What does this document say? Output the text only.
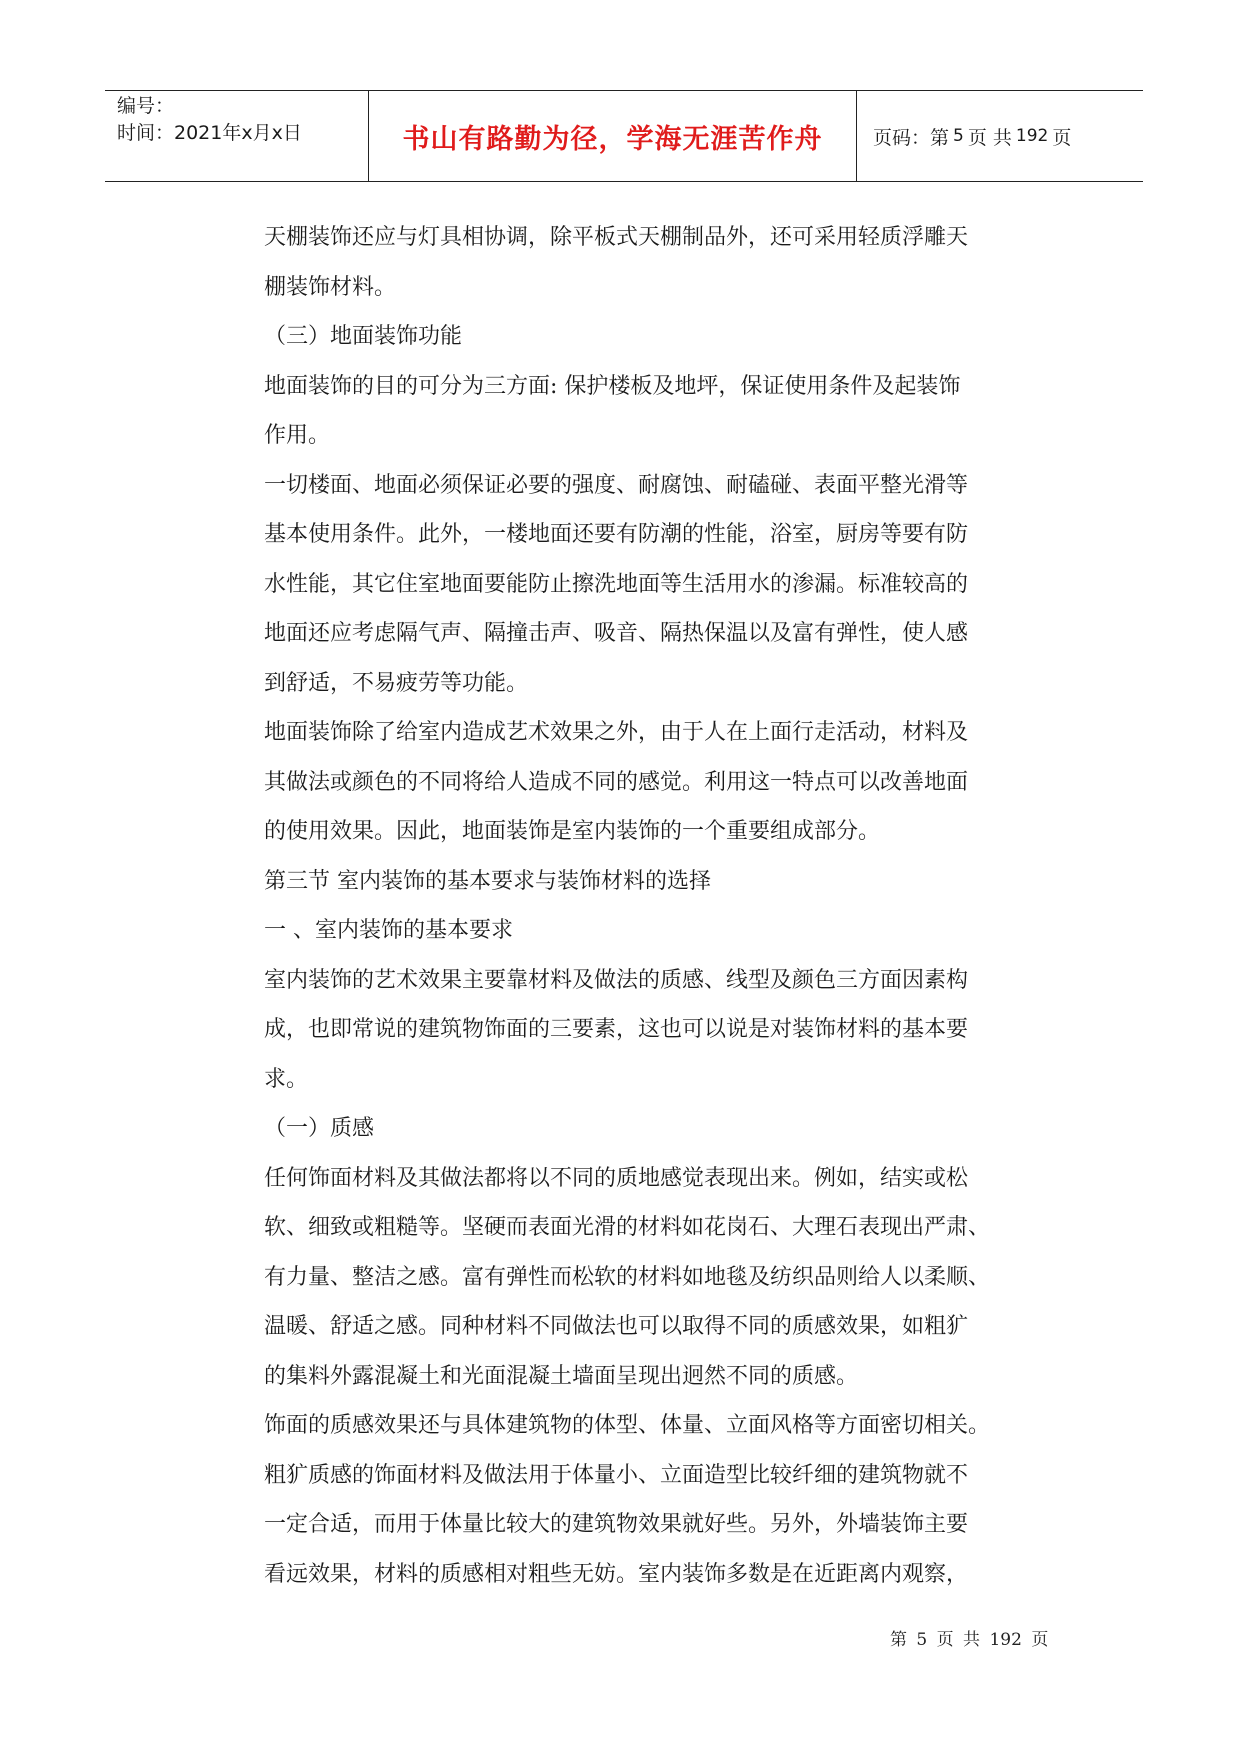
编号：
时间：2021年x月x日	书山有路勤为径，学海无涯苦作舟	页码：第 5 页 共 192 页

天棚装饰还应与灯具相协调，除平板式天棚制品外，还可采用轻质浮雕天

棚装饰材料。

（三）地面装饰功能

地面装饰的目的可分为三方面: 保护楼板及地坪，保证使用条件及起装饰

作用。

一切楼面、地面必须保证必要的强度、耐腐蚀、耐磕碰、表面平整光滑等

基本使用条件。此外，一楼地面还要有防潮的性能，浴室，厨房等要有防

水性能，其它住室地面要能防止擦洗地面等生活用水的渗漏。标准较高的

地面还应考虑隔气声、隔撞击声、吸音、隔热保温以及富有弹性，使人感

到舒适，不易疲劳等功能。

地面装饰除了给室内造成艺术效果之外，由于人在上面行走活动，材料及

其做法或颜色的不同将给人造成不同的感觉。利用这一特点可以改善地面

的使用效果。因此，地面装饰是室内装饰的一个重要组成部分。

第三节 室内装饰的基本要求与装饰材料的选择

一 、室内装饰的基本要求

室内装饰的艺术效果主要靠材料及做法的质感、线型及颜色三方面因素构

成，也即常说的建筑物饰面的三要素，这也可以说是对装饰材料的基本要

求。

（一）质感

任何饰面材料及其做法都将以不同的质地感觉表现出来。例如，结实或松

软、细致或粗糙等。坚硬而表面光滑的材料如花岗石、大理石表现出严肃、

有力量、整洁之感。富有弹性而松软的材料如地毯及纺织品则给人以柔顺、

温暖、舒适之感。同种材料不同做法也可以取得不同的质感效果，如粗犷

的集料外露混凝土和光面混凝土墙面呈现出迥然不同的质感。

饰面的质感效果还与具体建筑物的体型、体量、立面风格等方面密切相关。

粗犷质感的饰面材料及做法用于体量小、立面造型比较纤细的建筑物就不

一定合适，而用于体量比较大的建筑物效果就好些。另外，外墙装饰主要

看远效果，材料的质感相对粗些无妨。室内装饰多数是在近距离内观察，

第 5 页 共 192 页
